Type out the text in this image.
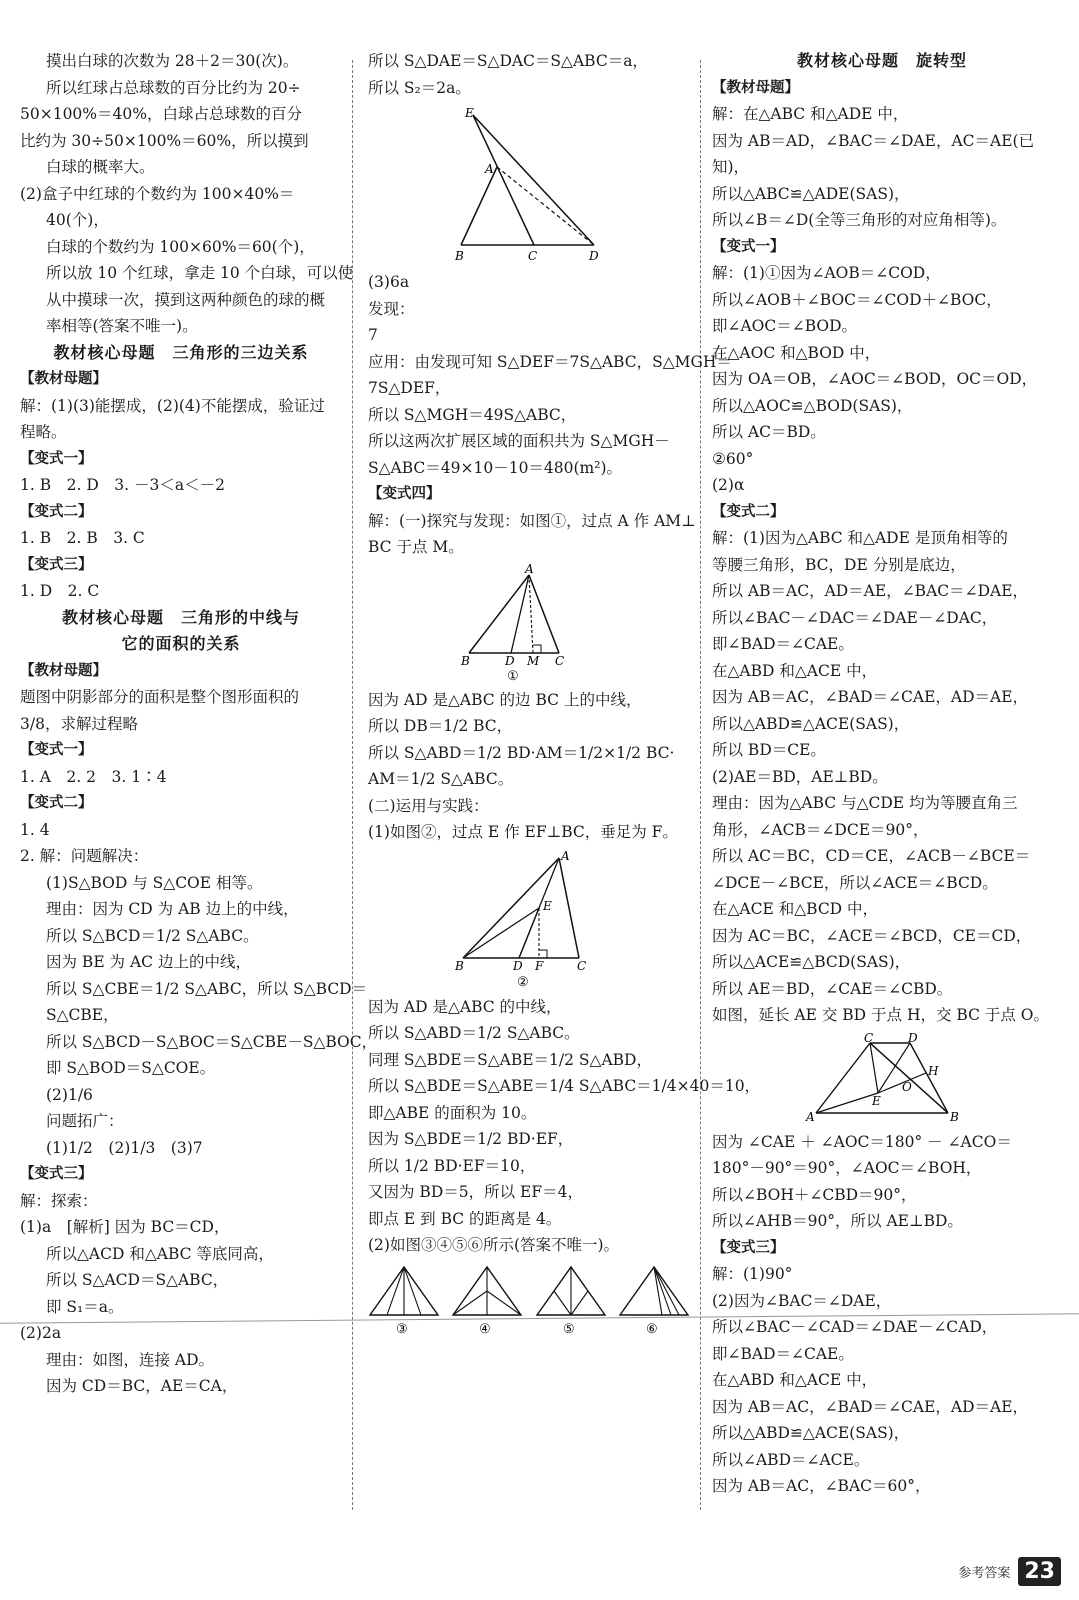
摸出白球的次数为 28＋2＝30(次)。
所以红球占总球数的百分比约为 20÷
50×100%＝40%，白球占总球数的百分
比约为 30÷50×100%＝60%，所以摸到
白球的概率大。
(2)盒子中红球的个数约为 100×40%＝
40(个)，
白球的个数约为 100×60%＝60(个)，
所以放 10 个红球，拿走 10 个白球，可以使
从中摸球一次，摸到这两种颜色的球的概
率相等(答案不唯一)。
教材核心母题　三角形的三边关系
【教材母题】
解：(1)(3)能摆成，(2)(4)不能摆成，验证过
程略。
【变式一】
1. B　2. D　3. －3＜a＜－2
【变式二】
1. B　2. B　3. C
【变式三】
1. D　2. C
教材核心母题　三角形的中线与
它的面积的关系
【教材母题】
题图中阴影部分的面积是整个图形面积的
3/8，求解过程略
【变式一】
1. A　2. 2　3. 1∶4
【变式二】
1. 4
2. 解：问题解决：
(1)S△BOD 与 S△COE 相等。
理由：因为 CD 为 AB 边上的中线，
所以 S△BCD＝1/2 S△ABC。
因为 BE 为 AC 边上的中线，
所以 S△CBE＝1/2 S△ABC，所以 S△BCD＝
S△CBE，
所以 S△BCD－S△BOC＝S△CBE－S△BOC，
即 S△BOD＝S△COE。
(2)1/6
问题拓广：
(1)1/2　(2)1/3　(3)7
【变式三】
解：探索：
(1)a　[解析] 因为 BC＝CD，
所以△ACD 和△ABC 等底同高，
所以 S△ACD＝S△ABC，
即 S₁＝a。
(2)2a
理由：如图，连接 AD。
因为 CD＝BC，AE＝CA，
所以 S△DAE＝S△DAC＝S△ABC＝a，
所以 S₂＝2a。
E
A
B	C	D
(3)6a
发现：
7
应用：由发现可知 S△DEF＝7S△ABC，S△MGH＝
7S△DEF，
所以 S△MGH＝49S△ABC，
所以这两次扩展区域的面积共为 S△MGH－
S△ABC＝49×10－10＝480(m²)。
【变式四】
解：(一)探究与发现：如图①，过点 A 作 AM⊥
BC 于点 M。
A
B	D M C
①
因为 AD 是△ABC 的边 BC 上的中线，
所以 DB＝1/2 BC，
所以 S△ABD＝1/2 BD·AM＝1/2×1/2 BC·
AM＝1/2 S△ABC。
(二)运用与实践：
(1)如图②，过点 E 作 EF⊥BC，垂足为 F。
A
E
B	D F	C
②
因为 AD 是△ABC 的中线，
所以 S△ABD＝1/2 S△ABC。
同理 S△BDE＝S△ABE＝1/2 S△ABD，
所以 S△BDE＝S△ABE＝1/4 S△ABC＝1/4×40＝10，
即△ABE 的面积为 10。
因为 S△BDE＝1/2 BD·EF，
所以 1/2 BD·EF＝10，
又因为 BD＝5，所以 EF＝4，
即点 E 到 BC 的距离是 4。
(2)如图③④⑤⑥所示(答案不唯一)。
③	④	⑤	⑥
教材核心母题　旋转型
【教材母题】
解：在△ABC 和△ADE 中，
因为 AB＝AD，∠BAC＝∠DAE，AC＝AE(已
知)，
所以△ABC≌△ADE(SAS)，
所以∠B＝∠D(全等三角形的对应角相等)。
【变式一】
解：(1)①因为∠AOB＝∠COD，
所以∠AOB＋∠BOC＝∠COD＋∠BOC，
即∠AOC＝∠BOD。
在△AOC 和△BOD 中，
因为 OA＝OB，∠AOC＝∠BOD，OC＝OD，
所以△AOC≌△BOD(SAS)，
所以 AC＝BD。
②60°
(2)α
【变式二】
解：(1)因为△ABC 和△ADE 是顶角相等的
等腰三角形，BC，DE 分别是底边，
所以 AB＝AC，AD＝AE，∠BAC＝∠DAE，
所以∠BAC－∠DAC＝∠DAE－∠DAC，
即∠BAD＝∠CAE。
在△ABD 和△ACE 中，
因为 AB＝AC，∠BAD＝∠CAE，AD＝AE，
所以△ABD≌△ACE(SAS)，
所以 BD＝CE。
(2)AE＝BD，AE⊥BD。
理由：因为△ABC 与△CDE 均为等腰直角三
角形，∠ACB＝∠DCE＝90°，
所以 AC＝BC，CD＝CE，∠ACB－∠BCE＝
∠DCE－∠BCE，所以∠ACE＝∠BCD。
在△ACE 和△BCD 中，
因为 AC＝BC，∠ACE＝∠BCD，CE＝CD，
所以△ACE≌△BCD(SAS)，
所以 AE＝BD，∠CAE＝∠CBD。
如图，延长 AE 交 BD 于点 H，交 BC 于点 O。
C	D
H
O
E
A	B
因为 ∠CAE ＋ ∠AOC＝180° － ∠ACO＝
180°－90°＝90°，∠AOC＝∠BOH，
所以∠BOH＋∠CBD＝90°，
所以∠AHB＝90°，所以 AE⊥BD。
【变式三】
解：(1)90°
(2)因为∠BAC＝∠DAE，
所以∠BAC－∠CAD＝∠DAE－∠CAD，
即∠BAD＝∠CAE。
在△ABD 和△ACE 中，
因为 AB＝AC，∠BAD＝∠CAE，AD＝AE，
所以△ABD≌△ACE(SAS)，
所以∠ABD＝∠ACE。
因为 AB＝AC，∠BAC＝60°，
参考答案 23
